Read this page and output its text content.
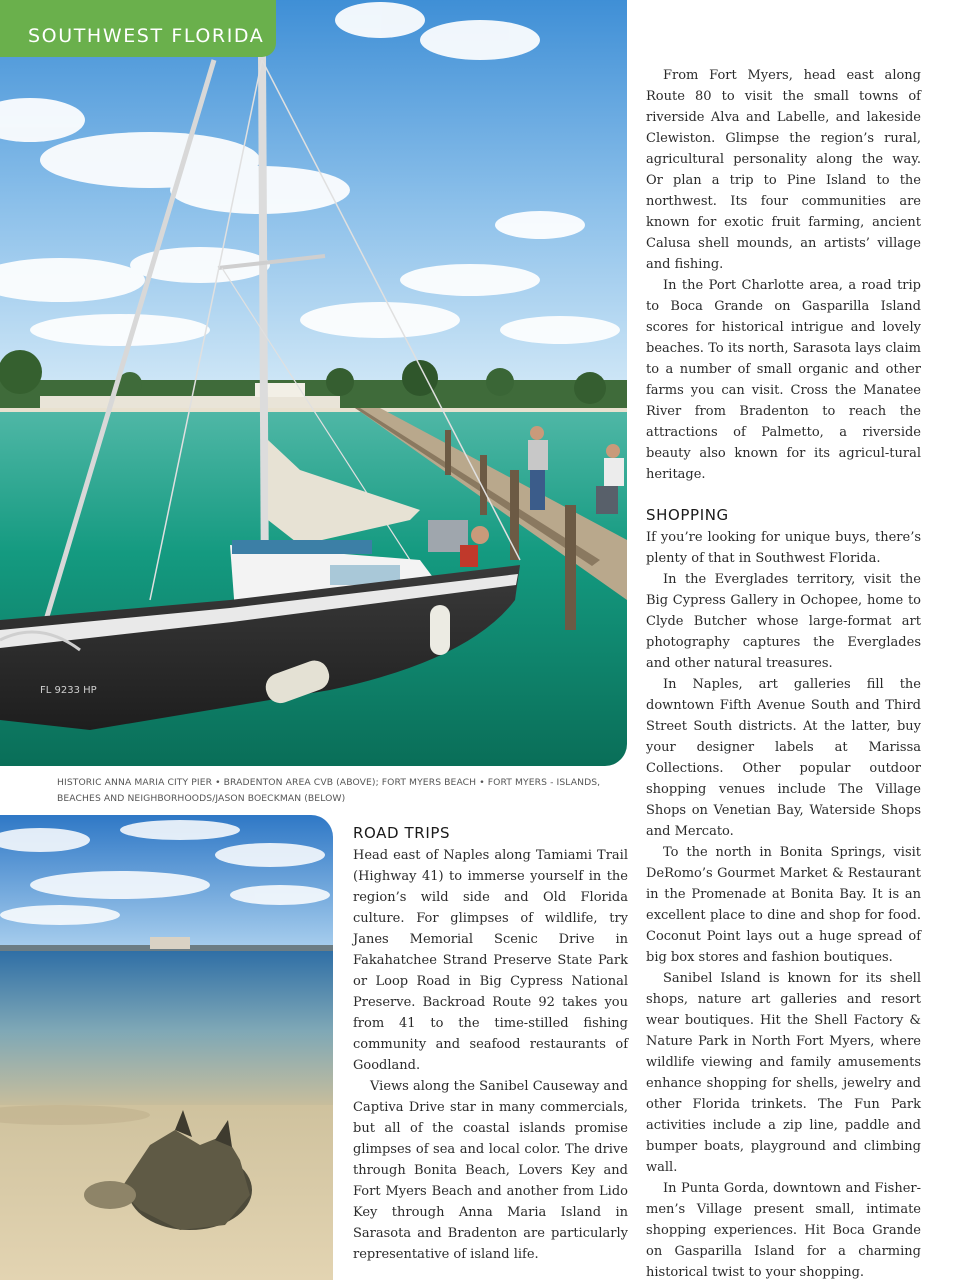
SOUTHWEST FLORIDA
FL 9233 HP
HISTORIC ANNA MARIA CITY PIER • BRADENTON AREA CVB (ABOVE); FORT MYERS BEACH • FORT MYERS - ISLANDS, BEACHES AND NEIGHBORHOODS/JASON BOECKMAN (BELOW)
ROAD TRIPS

Head east of Naples along Tamiami Trail (Highway 41) to immerse yourself in the region’s wild side and Old Florida culture. For glimpses of wildlife, try Janes Memorial Scenic Drive in Fakahatchee Strand Preserve State Park or Loop Road in Big Cypress National Preserve. Backroad Route 92 takes you from 41 to the time-stilled fishing community and seafood restaurants of Goodland.

Views along the Sanibel Causeway and Captiva Drive star in many commercials, but all of the coastal islands promise glimpses of sea and local color. The drive through Bonita Beach, Lovers Key and Fort Myers Beach and another from Lido Key through Anna Maria Island in Sarasota and Bradenton are particularly representative of island life.

From Fort Myers, head east along Route 80 to visit the small towns of riverside Alva and Labelle, and lakeside Clewiston. Glimpse the region’s rural, agricultural personality along the way. Or plan a trip to Pine Island to the northwest. Its four communities are known for exotic fruit farming, ancient Calusa shell mounds, an artists’ village and fishing.

In the Port Charlotte area, a road trip to Boca Grande on Gasparilla Island scores for historical intrigue and lovely beaches. To its north, Sarasota lays claim to a number of small organic and other farms you can visit. Cross the Manatee River from Bradenton to reach the attractions of Palmetto, a riverside beauty also known for its agricul-tural heritage.

SHOPPING

If you’re looking for unique buys, there’s plenty of that in Southwest Florida.

In the Everglades territory, visit the Big Cypress Gallery in Ochopee, home to Clyde Butcher whose large-format art photography captures the Everglades and other natural treasures.

In Naples, art galleries fill the downtown Fifth Avenue South and Third Street South districts. At the latter, buy your designer labels at Marissa Collections. Other popular outdoor shopping venues include The Village Shops on Venetian Bay, Waterside Shops and Mercato.

To the north in Bonita Springs, visit DeRomo’s Gourmet Market & Restaurant in the Promenade at Bonita Bay. It is an excellent place to dine and shop for food. Coconut Point lays out a huge spread of big box stores and fashion boutiques.

Sanibel Island is known for its shell shops, nature art galleries and resort wear boutiques. Hit the Shell Factory & Nature Park in North Fort Myers, where wildlife viewing and family amusements enhance shopping for shells, jewelry and other Florida trinkets. The Fun Park activities include a zip line, paddle and bumper boats, playground and climbing wall.

In Punta Gorda, downtown and Fisher-men’s Village present small, intimate shopping experiences. Hit Boca Grande on Gasparilla Island for a charming historical twist to your shopping.
